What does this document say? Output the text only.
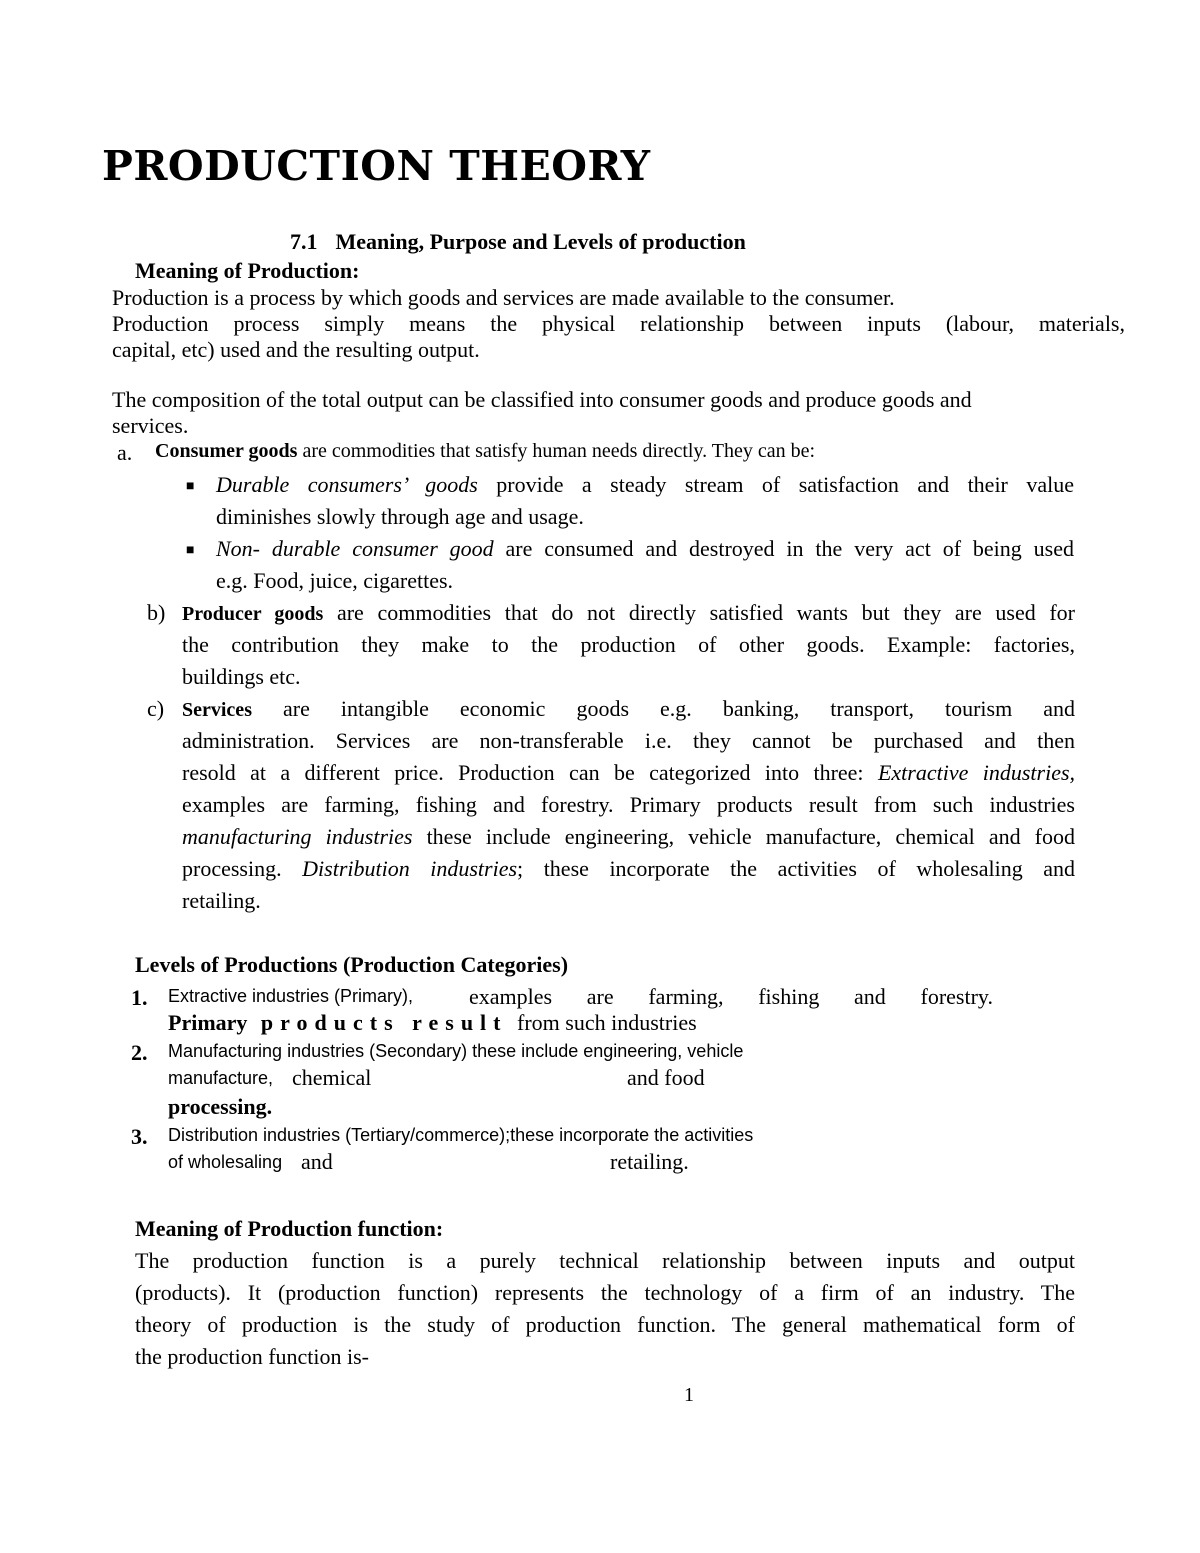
PRODUCTION THEORY
7.1 Meaning, Purpose and Levels of production
Meaning of Production:
Production is a process by which goods and services are made available to the consumer.
Production process simply means the physical relationship between inputs (labour, materials,
capital, etc) used and the resulting output.
The composition of the total output can be classified into consumer goods and produce goods and
services.
a. Consumer goods are commodities that satisfy human needs directly. They can be:
■ Durable consumers’ goods provide a steady stream of satisfaction and their value
diminishes slowly through age and usage.
■ Non- durable consumer good are consumed and destroyed in the very act of being used
e.g. Food, juice, cigarettes.
b) Producer goods are commodities that do not directly satisfied wants but they are used for
the contribution they make to the production of other goods. Example: factories,
buildings etc.
c) Services are intangible economic goods e.g. banking, transport, tourism and
administration. Services are non-transferable i.e. they cannot be purchased and then
resold at a different price. Production can be categorized into three: Extractive industries,
examples are farming, fishing and forestry. Primary products result from such industries
manufacturing industries these include engineering, vehicle manufacture, chemical and food
processing. Distribution industries; these incorporate the activities of wholesaling and
retailing.
Levels of Productions (Production Categories)
1. Extractive industries (Primary),	examples are farming, fishing and forestry.
Primary products result from such industries
2. Manufacturing industries (Secondary) these include engineering, vehicle
manufacture, chemical	and food
processing.
3. Distribution industries (Tertiary/commerce);these incorporate the activities
of wholesaling and	retailing.
Meaning of Production function:
The production function is a purely technical relationship between inputs and output
(products). It (production function) represents the technology of a firm of an industry. The
theory of production is the study of production function. The general mathematical form of
the production function is-
1
